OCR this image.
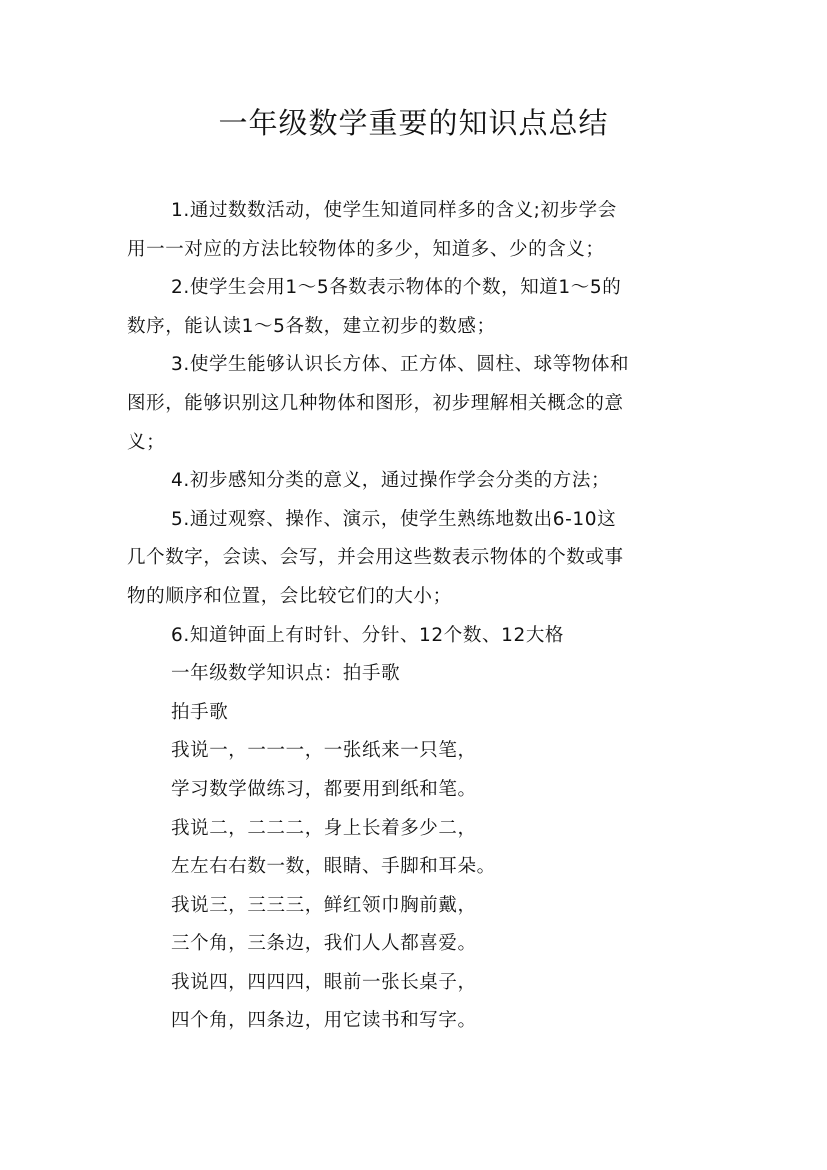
一年级数学重要的知识点总结

1.通过数数活动，使学生知道同样多的含义;初步学会
用一一对应的方法比较物体的多少，知道多、少的含义；

2.使学生会用1～5各数表示物体的个数，知道1～5的
数序，能认读1～5各数，建立初步的数感；

3.使学生能够认识长方体、正方体、圆柱、球等物体和
图形，能够识别这几种物体和图形，初步理解相关概念的意
义；

4.初步感知分类的意义，通过操作学会分类的方法；

5.通过观察、操作、演示，使学生熟练地数出6-10这
几个数字，会读、会写，并会用这些数表示物体的个数或事
物的顺序和位置，会比较它们的大小；

6.知道钟面上有时针、分针、12个数、12大格

一年级数学知识点：拍手歌

拍手歌

我说一，一一一，一张纸来一只笔，

学习数学做练习，都要用到纸和笔。

我说二，二二二，身上长着多少二，

左左右右数一数，眼睛、手脚和耳朵。

我说三，三三三，鲜红领巾胸前戴，

三个角，三条边，我们人人都喜爱。

我说四，四四四，眼前一张长桌子，

四个角，四条边，用它读书和写字。
